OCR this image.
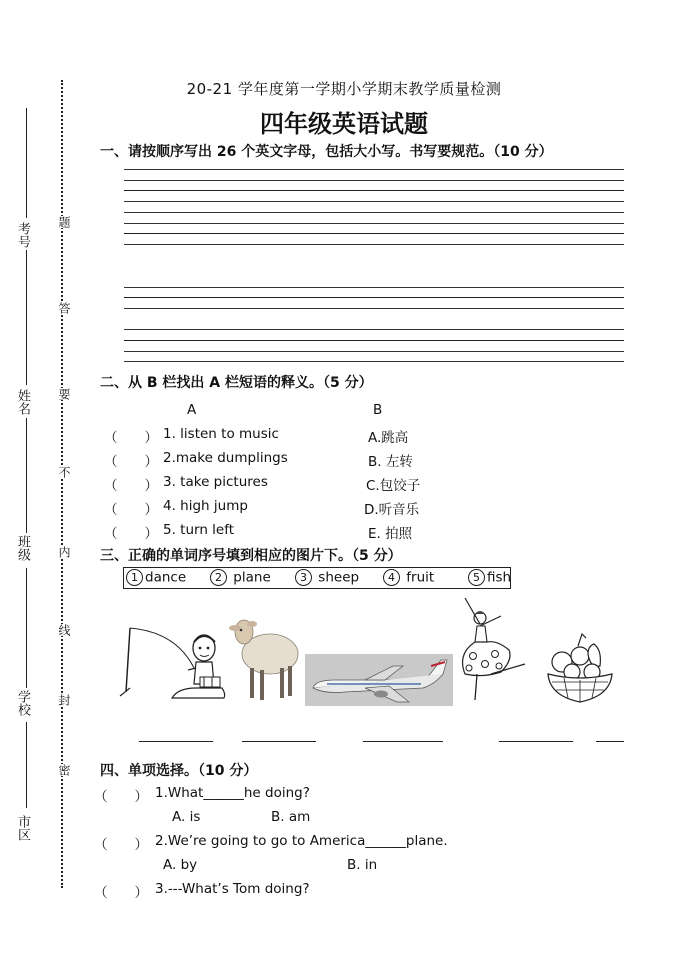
考号
姓名
班级
学校
市区
题
答
要
不
内
线
封
密
20-21 学年度第一学期小学期末教学质量检测
四年级英语试题
一、请按顺序写出 26 个英文字母，包括大小写。书写要规范。（10 分）
二、从 B 栏找出 A 栏短语的释义。（5 分）
A	B
（　　） 1. listen to music	A.跳高
（　　） 2.make dumplings	B. 左转
（　　） 3. take pictures	C.包饺子
（　　） 4. high jump	D.听音乐
（　　） 5. turn left	E. 拍照
三、正确的单词序号填到相应的图片下。（5 分）
1 dance	2 plane	3 sheep	4 fruit	5 fish
四、单项选择。（10 分）
（　　） 1.What______he doing?
A. is	B. am
（　　） 2.We’re going to go to America______plane.
A. by	B. in
（　　） 3.---What’s Tom doing?
